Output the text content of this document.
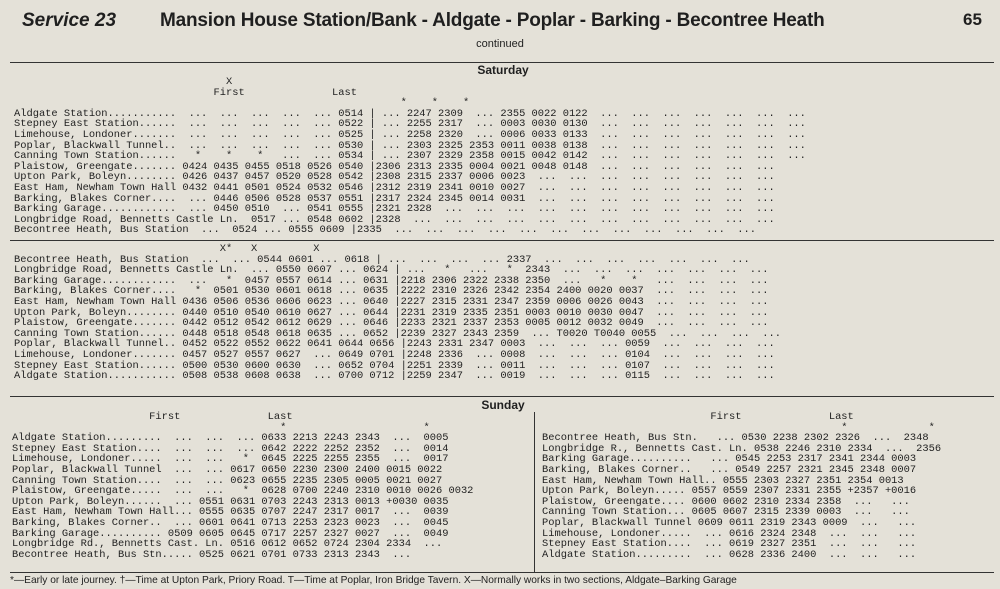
Service 23 Mansion House Station/Bank - Aldgate - Poplar - Barking - Becontree Heath	65
continued
Saturday
X
First              Last
*    *    *
Aldgate Station...........  ...  ...  ...  ...  ... 0514 | ... 2247 2309  ... 2355 0022 0122  ...  ...  ...  ...  ...  ...  ...
Stepney East Station......  ...  ...  ...  ...  ... 0522 | ... 2255 2317  ... 0003 0030 0130  ...  ...  ...  ...  ...  ...  ...
Limehouse, Londoner.......  ...  ...  ...  ...  ... 0525 | ... 2258 2320  ... 0006 0033 0133  ...  ...  ...  ...  ...  ...  ...
Poplar, Blackwall Tunnel..  ...  ...  ...  ...  ... 0530 | ... 2303 2325 2353 0011 0038 0138  ...  ...  ...  ...  ...  ...  ...
Canning Town Station......   *    *    *   ...  ... 0534 | ... 2307 2329 2358 0015 0042 0142  ...  ...  ...  ...  ...  ...  ...
Plaistow, Greengate....... 0424 0435 0455 0518 0526 0540 |2306 2313 2335 0004 0021 0048 0148  ...  ...  ...  ...  ...  ...
Upton Park, Boleyn........ 0426 0437 0457 0520 0528 0542 |2308 2315 2337 0006 0023  ...  ...  ...  ...  ...  ...  ...  ...
East Ham, Newham Town Hall 0432 0441 0501 0524 0532 0546 |2312 2319 2341 0010 0027  ...  ...  ...  ...  ...  ...  ...  ...
Barking, Blakes Corner....  ... 0446 0506 0528 0537 0551 |2317 2324 2345 0014 0031  ...  ...  ...  ...  ...  ...  ...  ...
Barking Garage............  ... 0450 0510  ... 0541 0555 |2321 2328  ...  ...  ...  ...  ...  ...  ...  ...  ...  ...  ...
Longbridge Road, Bennetts Castle Ln.  0517 ... 0548 0602 |2328  ...  ...  ...  ...  ...  ...  ...  ...  ...  ...  ...  ...
Becontree Heath, Bus Station  ...  0524 ... 0555 0609 |2335  ...  ...  ...  ...  ...  ...  ...  ...  ...  ...  ...  ...
X*   X         X
Becontree Heath, Bus Station  ...  ... 0544 0601 ... 0618 | ...  ...  ...  ... 2337  ...  ...  ...  ...  ...  ...  ...
Longbridge Road, Bennetts Castle Ln.  ... 0550 0607 ... 0624 | ...   *   ...   *  2343  ...  ...  ...  ...  ...  ...  ...
Barking Garage............  ...   *  0457 0557 0614 ... 0631 |2218 2306 2322 2338 2350  ...   *    *   ...  ...  ...  ...
Barking, Blakes Corner....   *  0501 0530 0601 0618 ... 0635 |2222 2310 2326 2342 2354 2400 0020 0037  ...  ...  ...  ...
East Ham, Newham Town Hall 0436 0506 0536 0606 0623 ... 0640 |2227 2315 2331 2347 2359 0006 0026 0043  ...  ...  ...  ...
Upton Park, Boleyn........ 0440 0510 0540 0610 0627 ... 0644 |2231 2319 2335 2351 0003 0010 0030 0047  ...  ...  ...  ...
Plaistow, Greengate....... 0442 0512 0542 0612 0629 ... 0646 |2233 2321 2337 2353 0005 0012 0032 0049  ...  ...  ...  ...
Canning Town Station...... 0448 0518 0548 0618 0635 ... 0652 |2239 2327 2343 2359  ... T0020 T0040 0055  ...  ...  ...  ...
Poplar, Blackwall Tunnel.. 0452 0522 0552 0622 0641 0644 0656 |2243 2331 2347 0003  ...  ...  ... 0059  ...  ...  ...  ...
Limehouse, Londoner....... 0457 0527 0557 0627  ... 0649 0701 |2248 2336  ... 0008  ...  ...  ... 0104  ...  ...  ...  ...
Stepney East Station...... 0500 0530 0600 0630  ... 0652 0704 |2251 2339  ... 0011  ...  ...  ... 0107  ...  ...  ...  ...
Aldgate Station........... 0508 0538 0608 0638  ... 0700 0712 |2259 2347  ... 0019  ...  ...  ... 0115  ...  ...  ...  ...
Sunday
First              Last
*                      *
Aldgate Station.........  ...  ...  ... 0633 2213 2243 2343  ...  0005
Stepney East Station....  ...  ...  ... 0642 2222 2252 2352  ...  0014
Limehouse, Londoner.....  ...  ...   *  0645 2225 2255 2355  ...  0017
Poplar, Blackwall Tunnel  ...  ... 0617 0650 2230 2300 2400 0015 0022
Canning Town Station....  ...  ... 0623 0655 2235 2305 0005 0021 0027
Plaistow, Greengate.....  ...  ...   *  0628 0700 2240 2310 0010 0026 0032
Upton Park, Boleyn......  ... 0551 0631 0703 2243 2313 0013 +0030 0035
East Ham, Newham Town Hall... 0555 0635 0707 2247 2317 0017  ...  0039
Barking, Blakes Corner..  ... 0601 0641 0713 2253 2323 0023  ...  0045
Barking Garage.......... 0509 0605 0645 0717 2257 2327 0027  ...  0049
Longbridge Rd., Bennetts Cast. Ln. 0516 0612 0652 0724 2304 2334  ...
Becontree Heath, Bus Stn..... 0525 0621 0701 0733 2313 2343  ...
First              Last
*             *
Becontree Heath, Bus Stn.   ... 0530 2238 2302 2326  ...  2348
Longbridge R., Bennetts Cast. Ln. 0538 2246 2310 2334  ...  2356
Barking Garage..........   ... 0545 2253 2317 2341 2344 0003
Barking, Blakes Corner..   ... 0549 2257 2321 2345 2348 0007
East Ham, Newham Town Hall.. 0555 2303 2327 2351 2354 0013
Upton Park, Boleyn..... 0557 0559 2307 2331 2355 +2357 +0016
Plaistow, Greengate.... 0600 0602 2310 2334 2358  ...   ...
Canning Town Station... 0605 0607 2315 2339 0003  ...   ...
Poplar, Blackwall Tunnel 0609 0611 2319 2343 0009  ...   ...
Limehouse, Londoner.....  ... 0616 2324 2348  ...  ...   ...
Stepney East Station....  ... 0619 2327 2351  ...  ...   ...
Aldgate Station.........  ... 0628 2336 2400  ...  ...   ...
*—Early or late journey. †—Time at Upton Park, Priory Road. T—Time at Poplar, Iron Bridge Tavern. X—Normally works in two sections, Aldgate–Barking Garage
